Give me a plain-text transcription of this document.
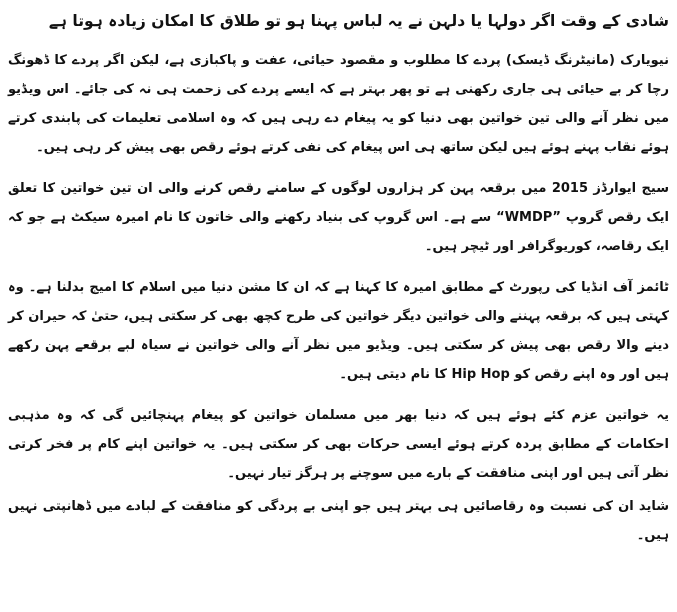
شادی کے وقت اگر دولہا یا دلہن نے یہ لباس پہنا ہو تو طلاق کا امکان زیادہ ہوتا ہے

نیویارک (مانیٹرنگ ڈیسک) پردے کا مطلوب و مقصود حیائی، عفت و پاکبازی ہے، لیکن اگر پردے کا ڈھونگ رچا کر بے حیائی ہی جاری رکھنی ہے تو پھر بہتر ہے کہ ایسے پردے کی زحمت ہی نہ کی جائے۔ اس ویڈیو میں نظر آنے والی تین خواتین بھی دنیا کو یہ پیغام دے رہی ہیں کہ وہ اسلامی تعلیمات کی پابندی کرتے ہوئے نقاب پہنے ہوئے ہیں لیکن ساتھ ہی اس پیغام کی نفی کرتے ہوئے رقص بھی پیش کر رہی ہیں۔

سیج ایوارڈز 2015 میں برقعہ پہن کر ہزاروں لوگوں کے سامنے رقص کرنے والی ان تین خواتین کا تعلق ایک رقص گروپ ”WMDP“ سے ہے۔ اس گروپ کی بنیاد رکھنے والی خاتون کا نام امیرہ سیکٹ ہے جو کہ ایک رقاصہ، کوریوگرافر اور ٹیچر ہیں۔

ٹائمز آف انڈیا کی رپورٹ کے مطابق امیرہ کا کہنا ہے کہ ان کا مشن دنیا میں اسلام کا امیج بدلنا ہے۔ وہ کہتی ہیں کہ برقعہ پہننے والی خواتین دیگر خواتین کی طرح کچھ بھی کر سکتی ہیں، حتیٰ کہ حیران کر دینے والا رقص بھی پیش کر سکتی ہیں۔ ویڈیو میں نظر آنے والی خواتین نے سیاہ لبے برقعے پہن رکھے ہیں اور وہ اپنے رقص کو Hip Hop کا نام دیتی ہیں۔

یہ خواتین عزم کئے ہوئے ہیں کہ دنیا بھر میں مسلمان خواتین کو پیغام پہنچائیں گی کہ وہ مذہبی احکامات کے مطابق پردہ کرتے ہوئے ایسی حرکات بھی کر سکتی ہیں۔ یہ خواتین اپنے کام پر فخر کرتی نظر آتی ہیں اور اپنی منافقت کے بارے میں سوچنے پر ہرگز تیار نہیں۔

شاید ان کی نسبت وہ رقاصائیں ہی بہتر ہیں جو اپنی بے پردگی کو منافقت کے لبادے میں ڈھانپتی نہیں ہیں۔
